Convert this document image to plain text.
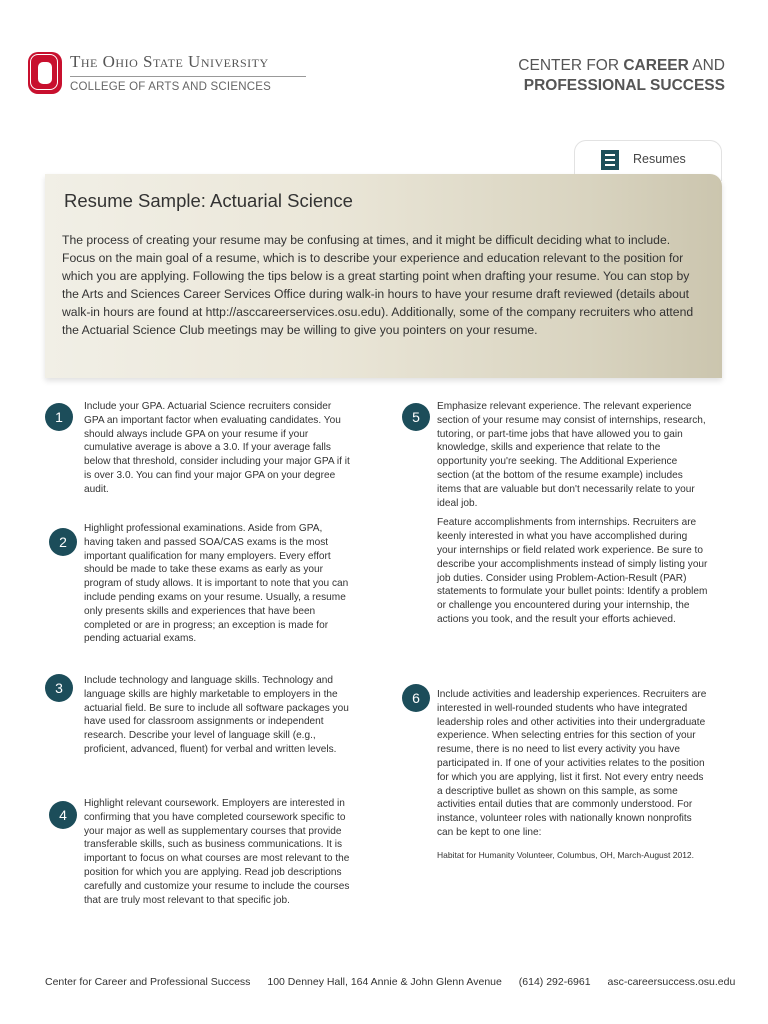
The Ohio State University
COLLEGE OF ARTS AND SCIENCES
CENTER FOR CAREER AND
PROFESSIONAL SUCCESS
Resumes
Resume Sample: Actuarial Science
The process of creating your resume may be confusing at times, and it might be difficult deciding what to include. Focus on the main goal of a resume, which is to describe your experience and education relevant to the position for which you are applying. Following the tips below is a great starting point when drafting your resume. You can stop by the Arts and Sciences Career Services Office during walk-in hours to have your resume draft reviewed (details about walk-in hours are found at http://asccareerservices.osu.edu). Additionally, some of the company recruiters who attend the Actuarial Science Club meetings may be willing to give you pointers on your resume.
1

Include your GPA. Actuarial Science recruiters consider GPA an important factor when evaluating candidates. You should always include GPA on your resume if your cumulative average is above a 3.0. If your average falls below that threshold, consider including your major GPA if it is over 3.0. You can find your major GPA on your degree audit.

2

Highlight professional examinations. Aside from GPA, having taken and passed SOA/CAS exams is the most important qualification for many employers. Every effort should be made to take these exams as early as your program of study allows. It is important to note that you can include pending exams on your resume. Usually, a resume only presents skills and experiences that have been completed or are in progress; an exception is made for pending actuarial exams.

3	Include technology and language skills. Technology and language skills are highly marketable to employers in the actuarial field. Be sure to include all software packages you have used for classroom assignments or independent research. Describe your level of language skill (e.g., proficient, advanced, fluent) for verbal and written levels.

4

Highlight relevant coursework. Employers are interested in confirming that you have completed coursework specific to your major as well as supplementary courses that provide transferable skills, such as business communications. It is important to focus on what courses are most relevant to the position for which you are applying. Read job descriptions carefully and customize your resume to include the courses that are truly most relevant to that specific job.

5

Emphasize relevant experience. The relevant experience section of your resume may consist of internships, research, tutoring, or part-time jobs that have allowed you to gain knowledge, skills and experience that relate to the opportunity you're seeking. The Additional Experience section (at the bottom of the resume example) includes items that are valuable but don't necessarily relate to your ideal job.

Feature accomplishments from internships. Recruiters are keenly interested in what you have accomplished during your internships or field related work experience. Be sure to describe your accomplishments instead of simply listing your job duties. Consider using Problem-Action-Result (PAR) statements to formulate your bullet points: Identify a problem or challenge you encountered during your internship, the actions you took, and the result your efforts achieved.

6	Include activities and leadership experiences. Recruiters are interested in well-rounded students who have integrated leadership roles and other activities into their undergraduate experience. When selecting entries for this section of your resume, there is no need to list every activity you have participated in. If one of your activities relates to the position for which you are applying, list it first. Not every entry needs a descriptive bullet as shown on this sample, as some activities entail duties that are commonly understood. For instance, volunteer roles with nationally known nonprofits can be kept to one line:

Habitat for Humanity Volunteer, Columbus, OH, March-August 2012.
Center for Career and Professional Success 100 Denney Hall, 164 Annie & John Glenn Avenue (614) 292-6961 asc-careersuccess.osu.edu
